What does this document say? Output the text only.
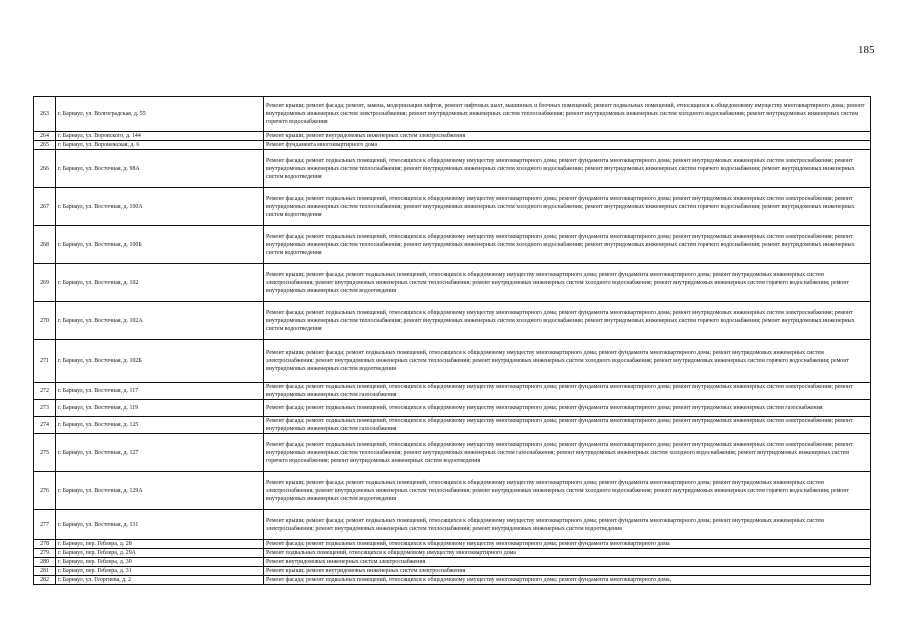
185
263	г. Барнаул, ул. Волгоградская, д. 55	Ремонт крыши; ремонт фасада; ремонт, замена, модернизация лифтов, ремонт лифтовых шахт, машинных и блочных помещений; ремонт подвальных помещений, относящихся к общедомовому имуществу многоквартирного дома; ремонт внутридомовых инженерных систем электроснабжения; ремонт внутридомовых инженерных систем теплоснабжения; ремонт внутридомовых инженерных систем холодного водоснабжения; ремонт внутридомовых инженерных систем горячего водоснабжения
264	г. Барнаул, ул. Воровского, д. 144	Ремонт крыши; ремонт внутридомовых инженерных систем электроснабжения
265	г. Барнаул, ул. Воронежская, д. 6	Ремонт фундамента многоквартирного дома
266	г. Барнаул, ул. Восточная, д. 98А	Ремонт фасада; ремонт подвальных помещений, относящихся к общедомовому имуществу многоквартирного дома; ремонт фундамента многоквартирного дома; ремонт внутридомовых инженерных систем электроснабжения; ремонт внутридомовых инженерных систем теплоснабжения; ремонт внутридомовых инженерных систем холодного водоснабжения; ремонт внутридомовых инженерных систем горячего водоснабжения; ремонт внутридомовых инженерных систем водоотведения
267	г. Барнаул, ул. Восточная, д. 100А	Ремонт фасада; ремонт подвальных помещений, относящихся к общедомовому имуществу многоквартирного дома; ремонт фундамента многоквартирного дома; ремонт внутридомовых инженерных систем электроснабжения; ремонт внутридомовых инженерных систем теплоснабжения; ремонт внутридомовых инженерных систем холодного водоснабжения; ремонт внутридомовых инженерных систем горячего водоснабжения; ремонт внутридомовых инженерных систем водоотведения
268	г. Барнаул, ул. Восточная, д. 100Б	Ремонт фасада; ремонт подвальных помещений, относящихся к общедомовому имуществу многоквартирного дома; ремонт фундамента многоквартирного дома; ремонт внутридомовых инженерных систем электроснабжения; ремонт внутридомовых инженерных систем теплоснабжения; ремонт внутридомовых инженерных систем холодного водоснабжения; ремонт внутридомовых инженерных систем горячего водоснабжения; ремонт внутридомовых инженерных систем водоотведения
269	г. Барнаул, ул. Восточная, д. 102	Ремонт крыши; ремонт фасада; ремонт подвальных помещений, относящихся к общедомовому имуществу многоквартирного дома; ремонт фундамента многоквартирного дома; ремонт внутридомовых инженерных систем электроснабжения; ремонт внутридомовых инженерных систем теплоснабжения; ремонт внутридомовых инженерных систем холодного водоснабжения; ремонт внутридомовых инженерных систем горячего водоснабжения; ремонт внутридомовых инженерных систем водоотведения
270	г. Барнаул, ул. Восточная, д. 102А	Ремонт фасада; ремонт подвальных помещений, относящихся к общедомовому имуществу многоквартирного дома; ремонт фундамента многоквартирного дома; ремонт внутридомовых инженерных систем электроснабжения; ремонт внутридомовых инженерных систем теплоснабжения; ремонт внутридомовых инженерных систем холодного водоснабжения; ремонт внутридомовых инженерных систем горячего водоснабжения; ремонт внутридомовых инженерных систем водоотведения
271	г. Барнаул, ул. Восточная, д. 102Б	Ремонт крыши; ремонт фасада; ремонт подвальных помещений, относящихся к общедомовому имуществу многоквартирного дома; ремонт фундамента многоквартирного дома; ремонт внутридомовых инженерных систем электроснабжения; ремонт внутридомовых инженерных систем теплоснабжения; ремонт внутридомовых инженерных систем холодного водоснабжения; ремонт внутридомовых инженерных систем горячего водоснабжения; ремонт внутридомовых инженерных систем водоотведения
272	г. Барнаул, ул. Восточная, д. 117	Ремонт фасада; ремонт подвальных помещений, относящихся к общедомовому имуществу многоквартирного дома; ремонт фундамента многоквартирного дома; ремонт внутридомовых инженерных систем электроснабжения; ремонт внутридомовых инженерных систем газоснабжения
273	г. Барнаул, ул. Восточная, д. 119	Ремонт фасада; ремонт подвальных помещений, относящихся к общедомовому имуществу многоквартирного дома; ремонт фундамента многоквартирного дома; ремонт внутридомовых инженерных систем газоснабжения
274	г. Барнаул, ул. Восточная, д. 125	Ремонт фасада; ремонт подвальных помещений, относящихся к общедомовому имуществу многоквартирного дома; ремонт фундамента многоквартирного дома; ремонт внутридомовых инженерных систем электроснабжения; ремонт внутридомовых инженерных систем газоснабжения
275	г. Барнаул, ул. Восточная, д. 127	Ремонт фасада; ремонт подвальных помещений, относящихся к общедомовому имуществу многоквартирного дома; ремонт фундамента многоквартирного дома; ремонт внутридомовых инженерных систем электроснабжения; ремонт внутридомовых инженерных систем теплоснабжения; ремонт внутридомовых инженерных систем газоснабжения; ремонт внутридомовых инженерных систем холодного водоснабжения; ремонт внутридомовых инженерных систем горячего водоснабжения; ремонт внутридомовых инженерных систем водоотведения
276	г. Барнаул, ул. Восточная, д. 129А	Ремонт крыши; ремонт фасада; ремонт подвальных помещений, относящихся к общедомовому имуществу многоквартирного дома; ремонт фундамента многоквартирного дома; ремонт внутридомовых инженерных систем электроснабжения; ремонт внутридомовых инженерных систем теплоснабжения; ремонт внутридомовых инженерных систем холодного водоснабжения; ремонт внутридомовых инженерных систем горячего водоснабжения; ремонт внутридомовых инженерных систем водоотведения
277	г. Барнаул, ул. Восточная, д. 131	Ремонт крыши; ремонт фасада; ремонт подвальных помещений, относящихся к общедомовому имуществу многоквартирного дома; ремонт фундамента многоквартирного дома; ремонт внутридомовых инженерных систем электроснабжения; ремонт внутридомовых инженерных систем теплоснабжения; ремонт внутридомовых инженерных систем водоотведения
278	г. Барнаул, пер. Геблера, д. 28	Ремонт фасада; ремонт подвальных помещений, относящихся к общедомовому имуществу многоквартирного дома; ремонт фундамента многоквартирного дома
279	г. Барнаул, пер. Геблера, д. 29А	Ремонт подвальных помещений, относящихся к общедомовому имуществу многоквартирного дома
280	г. Барнаул, пер. Геблера, д. 30	Ремонт внутридомовых инженерных систем электроснабжения
281	г. Барнаул, пер. Геблера, д. 31	Ремонт крыши; ремонт внутридомовых инженерных систем электроснабжения
282	г. Барнаул, ул. Георгиева, д. 2	Ремонт фасада; ремонт подвальных помещений, относящихся к общедомовому имуществу многоквартирного дома; ремонт фундамента многоквартирного дома,
